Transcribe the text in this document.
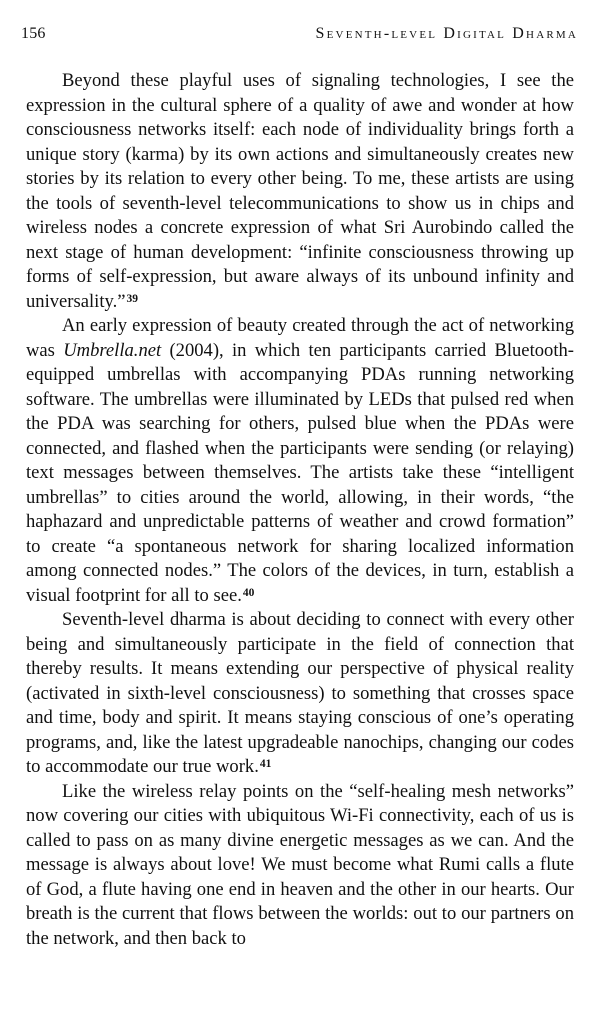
156	Seventh-level Digital Dharma

Beyond these playful uses of signaling technologies, I see the expression in the cultural sphere of a quality of awe and wonder at how consciousness networks itself: each node of individuality brings forth a unique story (karma) by its own actions and simultaneously creates new stories by its relation to every other being. To me, these artists are using the tools of seventh-level telecommunications to show us in chips and wireless nodes a concrete expression of what Sri Aurobindo called the next stage of human development: “infinite consciousness throwing up forms of self-expression, but aware always of its unbound infinity and universality.”$^{39}$

An early expression of beauty created through the act of networking was Umbrella.net (2004), in which ten participants carried Bluetooth-equipped umbrellas with accompanying PDAs running networking software. The umbrellas were illuminated by LEDs that pulsed red when the PDA was searching for others, pulsed blue when the PDAs were connected, and flashed when the participants were sending (or relaying) text messages between themselves. The artists take these “intelligent umbrellas” to cities around the world, allowing, in their words, “the haphazard and unpredictable patterns of weather and crowd formation” to create “a spontaneous network for sharing localized information among connected nodes.” The colors of the devices, in turn, establish a visual footprint for all to see.$^{40}$

Seventh-level dharma is about deciding to connect with every other being and simultaneously participate in the field of connection that thereby results. It means extending our perspective of physical reality (activated in sixth-level consciousness) to something that crosses space and time, body and spirit. It means staying conscious of one’s operating programs, and, like the latest upgradeable nanochips, changing our codes to accommodate our true work.$^{41}$

Like the wireless relay points on the “self-healing mesh networks” now covering our cities with ubiquitous Wi-Fi connectivity, each of us is called to pass on as many divine energetic messages as we can. And the message is always about love! We must become what Rumi calls a flute of God, a flute having one end in heaven and the other in our hearts. Our breath is the current that flows between the worlds: out to our partners on the network, and then back to
